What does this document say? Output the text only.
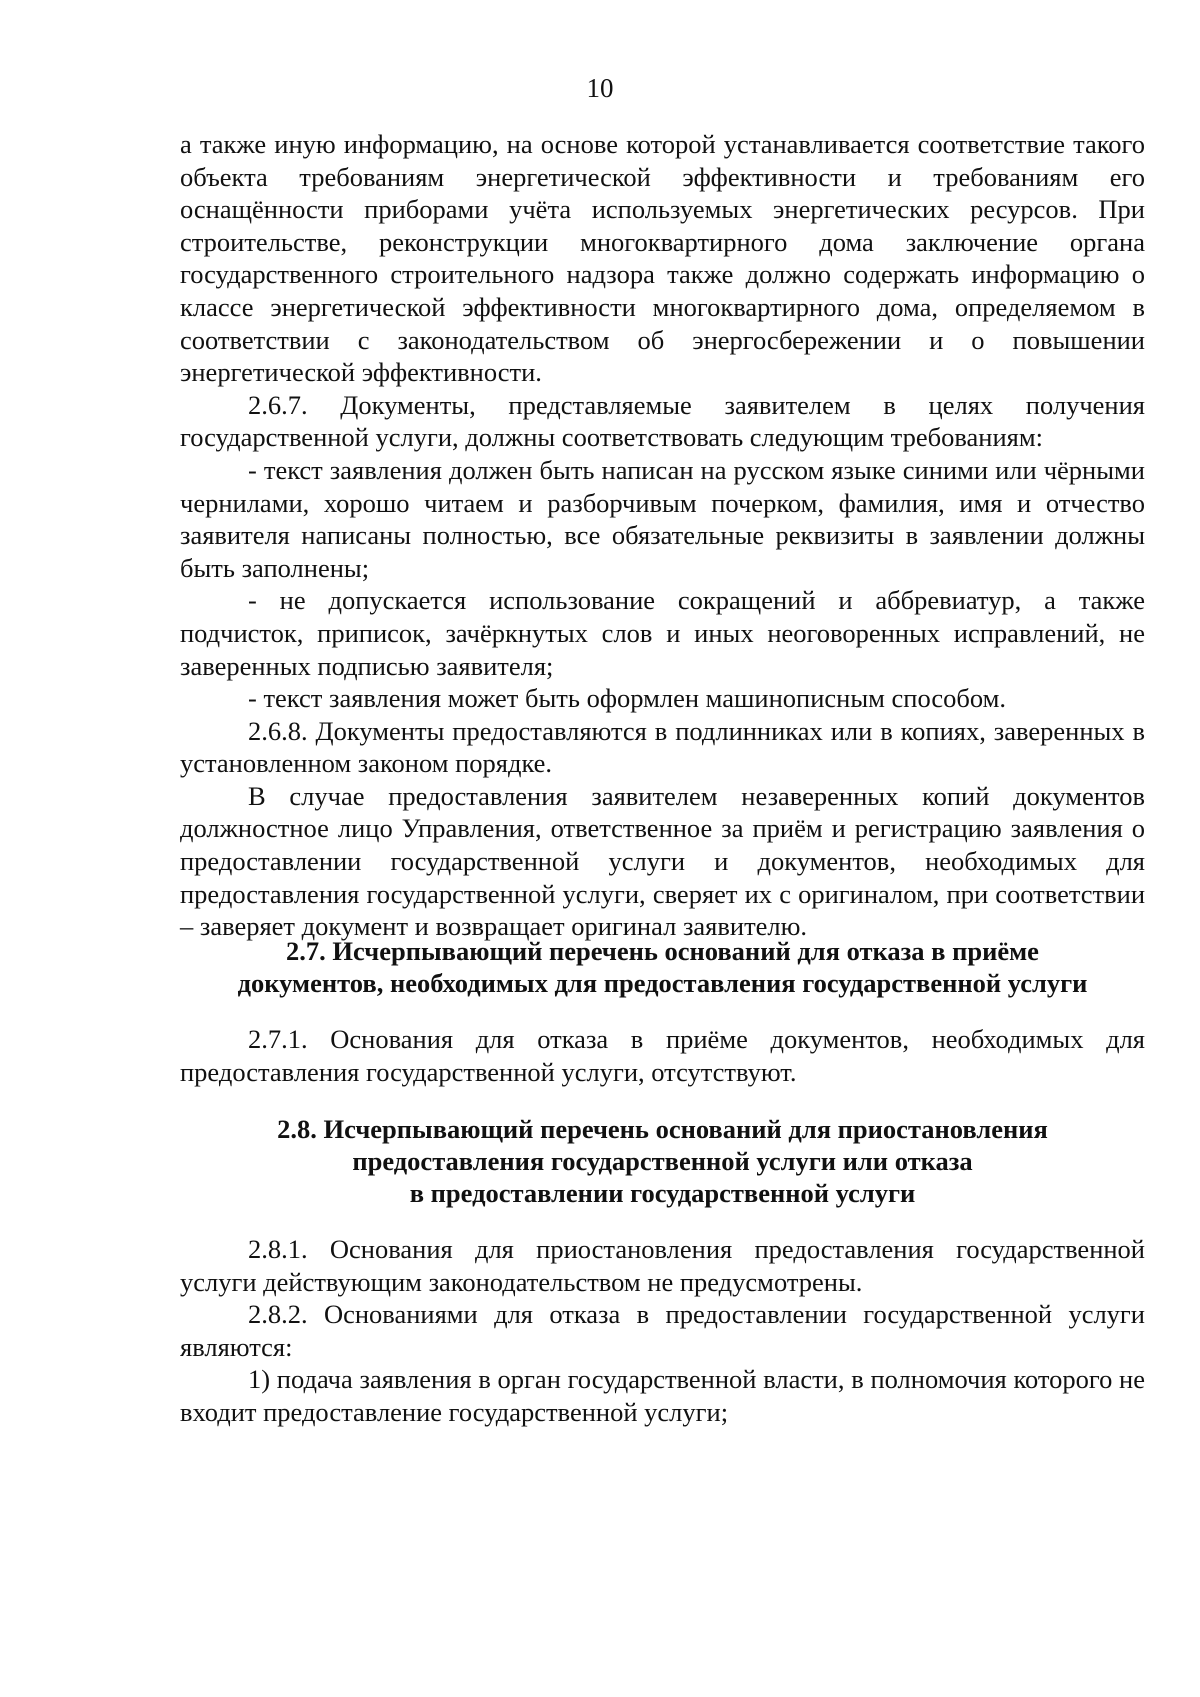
10

а также иную информацию, на основе которой устанавливается соответствие такого объекта требованиям энергетической эффективности и требованиям его оснащённости приборами учёта используемых энергетических ресурсов. При строительстве, реконструкции многоквартирного дома заключение органа государственного строительного надзора также должно содержать информацию о классе энергетической эффективности многоквартирного дома, определяемом в соответствии с законодательством об энергосбережении и о повышении энергетической эффективности.

2.6.7. Документы, представляемые заявителем в целях получения государственной услуги, должны соответствовать следующим требованиям:

- текст заявления должен быть написан на русском языке синими или чёрными чернилами, хорошо читаем и разборчивым почерком, фамилия, имя и отчество заявителя написаны полностью, все обязательные реквизиты в заявлении должны быть заполнены;

- не допускается использование сокращений и аббревиатур, а также подчисток, приписок, зачёркнутых слов и иных неоговоренных исправлений, не заверенных подписью заявителя;

- текст заявления может быть оформлен машинописным способом.

2.6.8. Документы предоставляются в подлинниках или в копиях, заверенных в установленном законом порядке.

В случае предоставления заявителем незаверенных копий документов должностное лицо Управления, ответственное за приём и регистрацию заявления о предоставлении государственной услуги и документов, необходимых для предоставления государственной услуги, сверяет их с оригиналом, при соответствии – заверяет документ и возвращает оригинал заявителю.

2.7. Исчерпывающий перечень оснований для отказа в приёме
документов, необходимых для предоставления государственной услуги

2.7.1. Основания для отказа в приёме документов, необходимых для предоставления государственной услуги, отсутствуют.

2.8. Исчерпывающий перечень оснований для приостановления
предоставления государственной услуги или отказа
в предоставлении государственной услуги

2.8.1. Основания для приостановления предоставления государственной услуги действующим законодательством не предусмотрены.

2.8.2. Основаниями для отказа в предоставлении государственной услуги являются:

1) подача заявления в орган государственной власти, в полномочия которого не входит предоставление государственной услуги;
